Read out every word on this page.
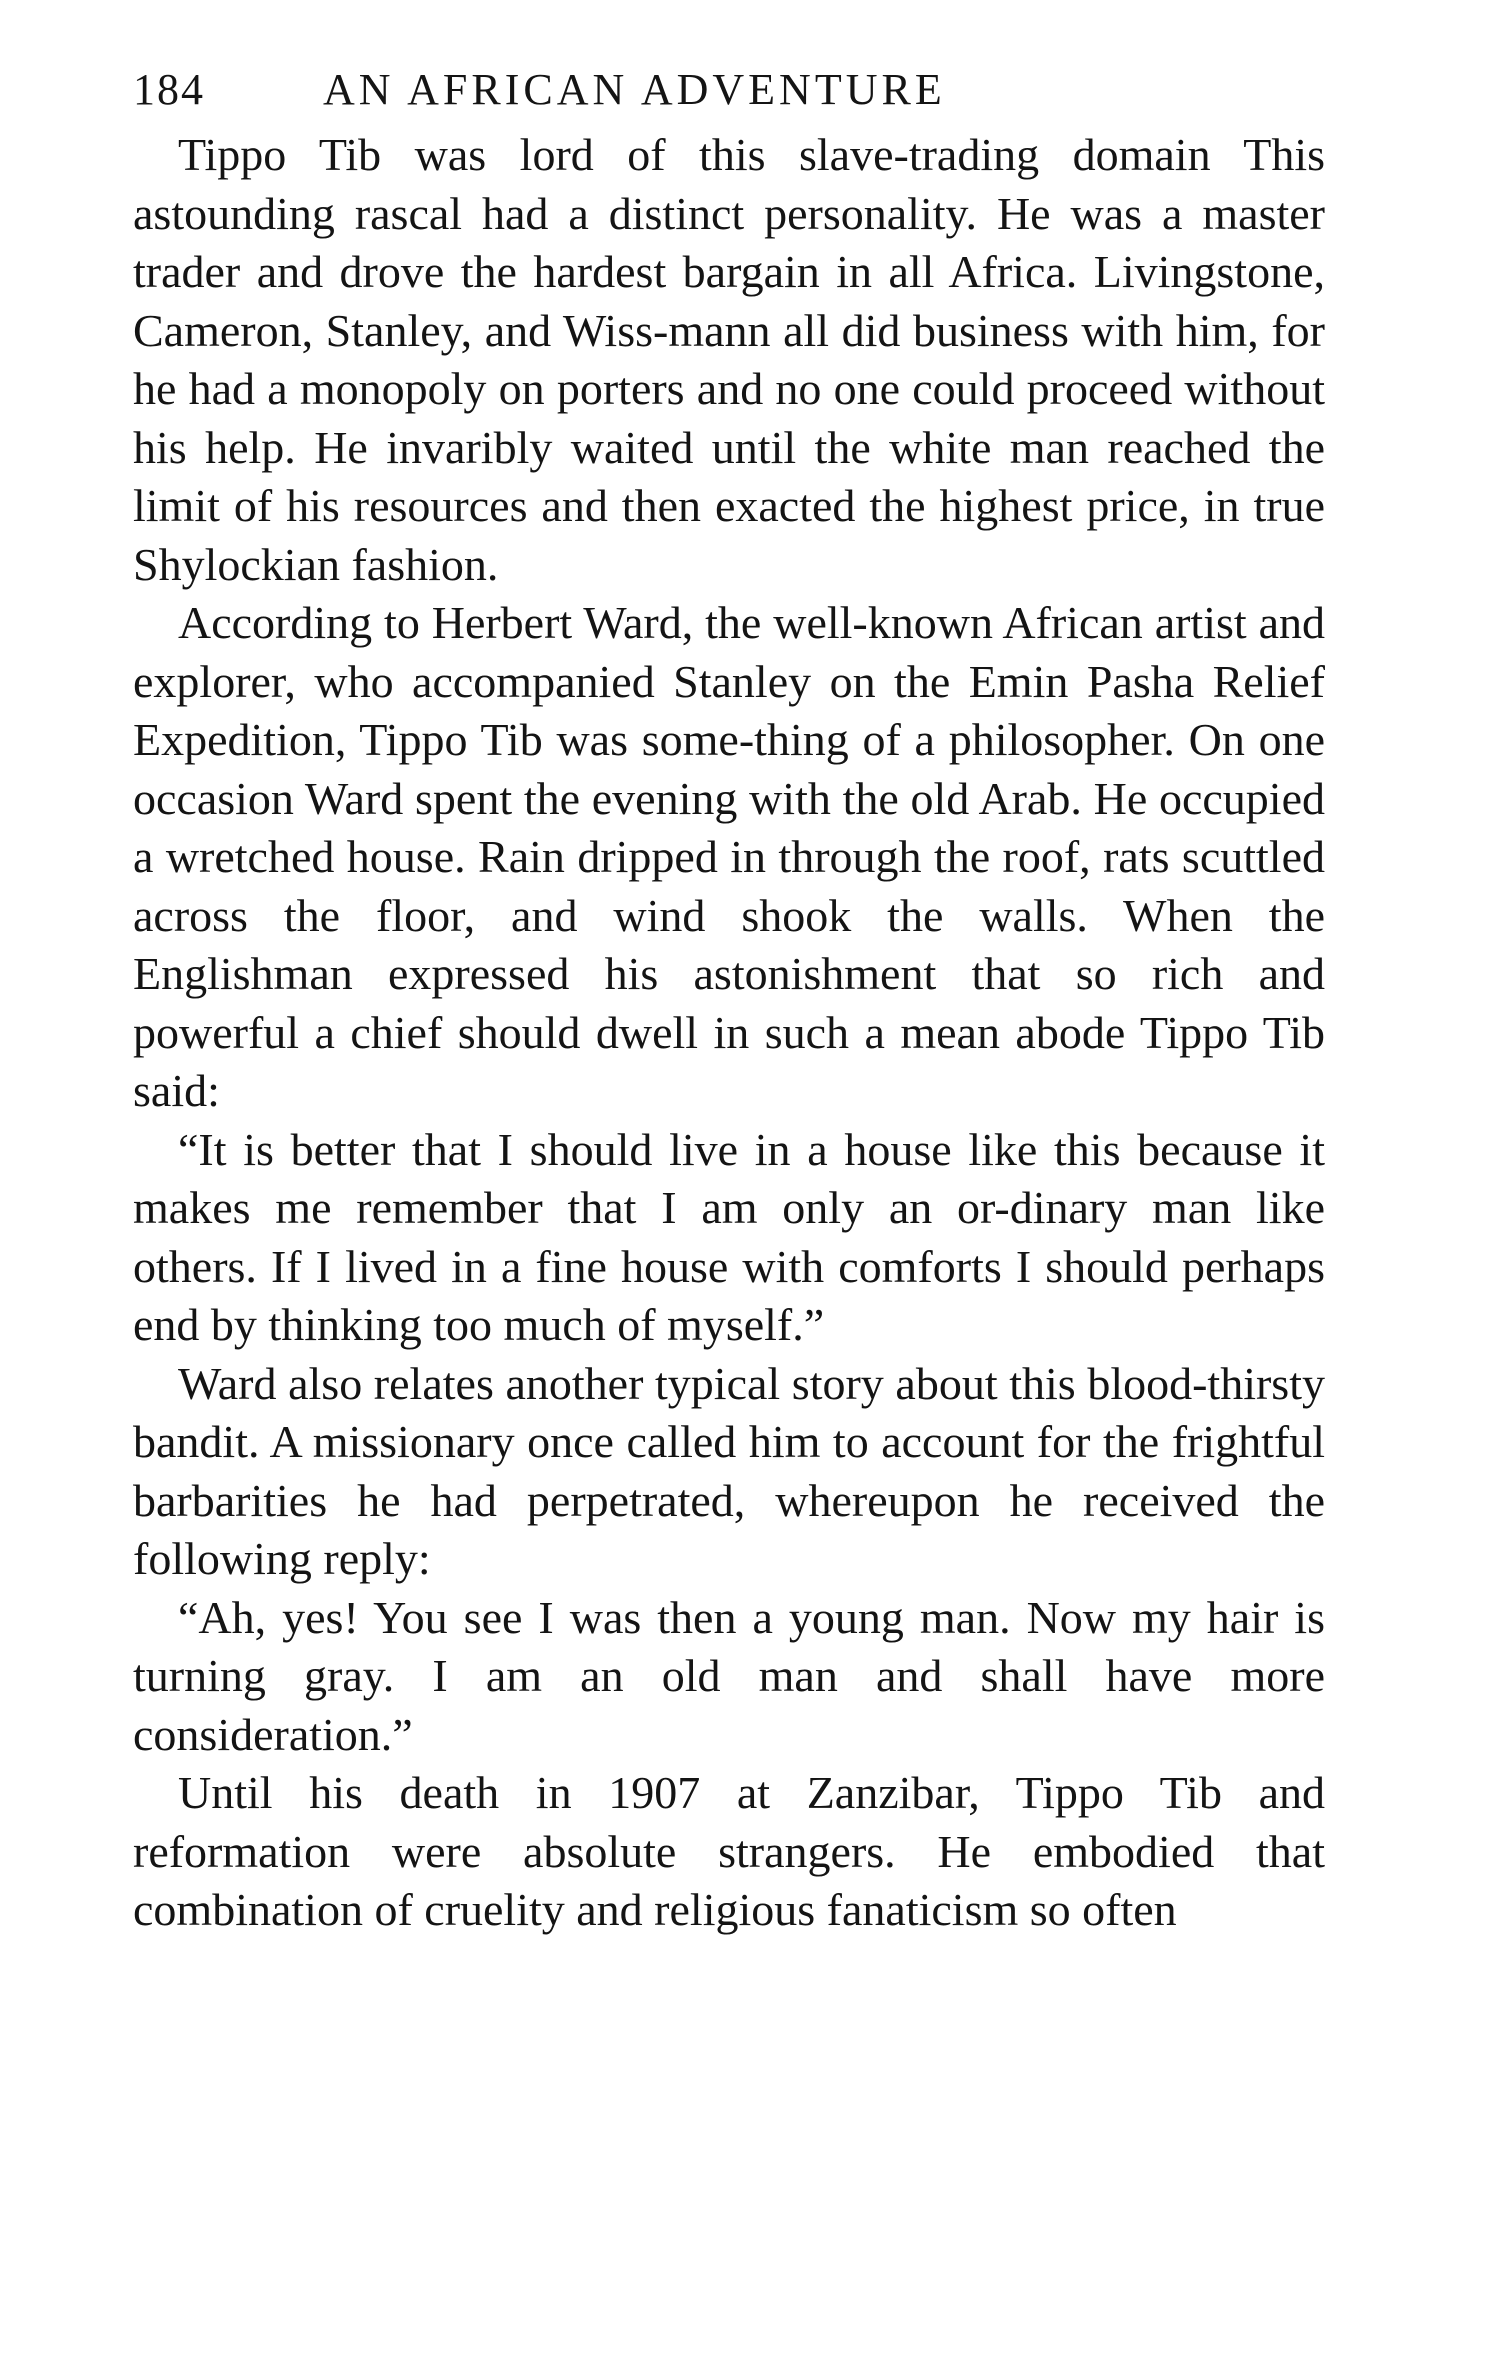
184	AN AFRICAN ADVENTURE

Tippo Tib was lord of this slave-trading domain This astounding rascal had a distinct personality. He was a master trader and drove the hardest bargain in all Africa. Livingstone, Cameron, Stanley, and Wiss-mann all did business with him, for he had a monopoly on porters and no one could proceed without his help. He invaribly waited until the white man reached the limit of his resources and then exacted the highest price, in true Shylockian fashion.

According to Herbert Ward, the well-known African artist and explorer, who accompanied Stanley on the Emin Pasha Relief Expedition, Tippo Tib was some-thing of a philosopher. On one occasion Ward spent the evening with the old Arab. He occupied a wretched house. Rain dripped in through the roof, rats scuttled across the floor, and wind shook the walls. When the Englishman expressed his astonishment that so rich and powerful a chief should dwell in such a mean abode Tippo Tib said:

“It is better that I should live in a house like this because it makes me remember that I am only an or-dinary man like others. If I lived in a fine house with comforts I should perhaps end by thinking too much of myself.”

Ward also relates another typical story about this blood-thirsty bandit. A missionary once called him to account for the frightful barbarities he had perpetrated, whereupon he received the following reply:

“Ah, yes! You see I was then a young man. Now my hair is turning gray. I am an old man and shall have more consideration.”

Until his death in 1907 at Zanzibar, Tippo Tib and reformation were absolute strangers. He embodied that combination of cruelity and religious fanaticism so often
